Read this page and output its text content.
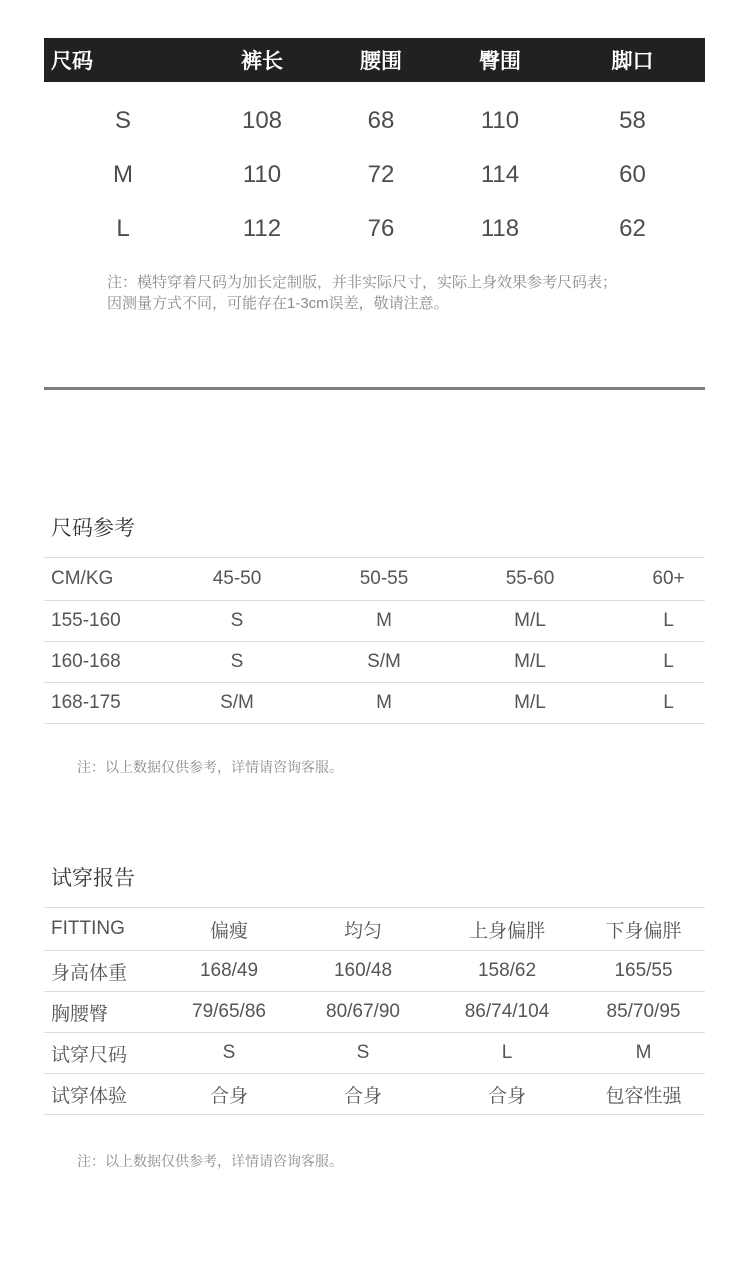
尺码	裤长	腰围	臀围	脚口
S	108	68	110	58
M	110	72	114	60
L	112	76	118	62
注：模特穿着尺码为加长定制版，并非实际尺寸，实际上身效果参考尺码表；
因测量方式不同，可能存在1-3cm误差，敬请注意。
尺码参考
CM/KG	45-50	50-55	55-60	60+
155-160	S	M	M/L	L
160-168	S	S/M	M/L	L
168-175	S/M	M	M/L	L
注：以上数据仅供参考，详情请咨询客服。
试穿报告
FITTING	偏瘦	均匀	上身偏胖	下身偏胖
身高体重	168/49	160/48	158/62	165/55
胸腰臀	79/65/86	80/67/90	86/74/104	85/70/95
试穿尺码	S	S	L	M
试穿体验	合身	合身	合身	包容性强
注：以上数据仅供参考，详情请咨询客服。
